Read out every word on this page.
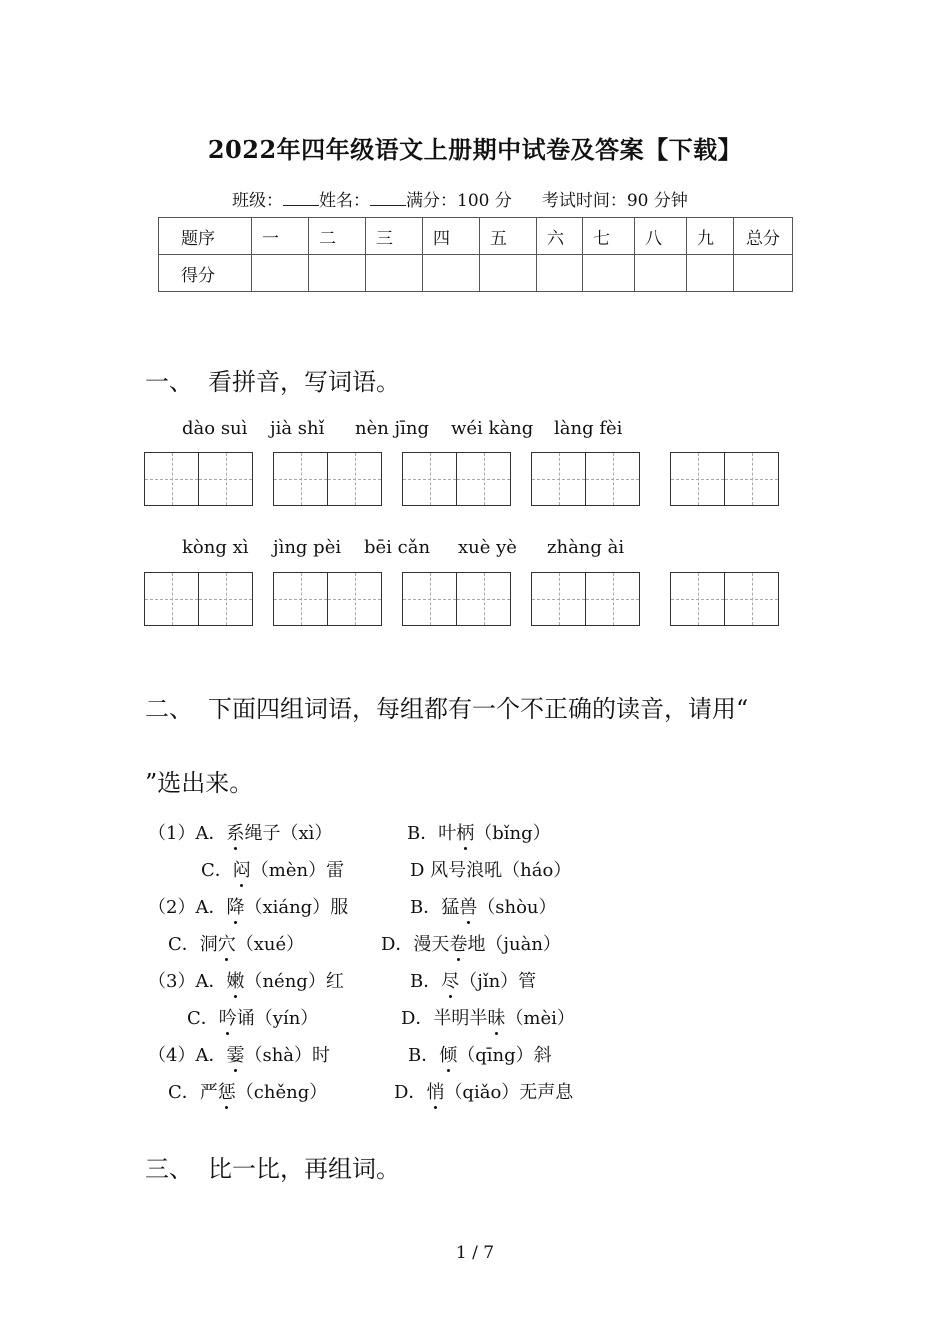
2022年四年级语文上册期中试卷及答案【下载】
班级： 姓名： 满分：100 分 考试时间：90 分钟
题序	一	二	三	四	五	六	七	八	九	总分
得分										
一、 看拼音，写词语。
dào suì jià shǐ nèn jīng wéi kàng làng fèi
kòng xì jìng pèi bēi cǎn xuè yè zhàng ài
二、 下面四组词语，每组都有一个不正确的读音，请用“
”选出来。
（1）A．系绳子（xì）	B．叶柄（bǐng）
C．闷（mèn）雷	D 风号浪吼（háo）
（2）A．降（xiáng）服	B．猛兽（shòu）
C．洞穴（xué）	D．漫天卷地（juàn）
（3）A．嫩（néng）红	B．尽（jǐn）管
C．吟诵（yín）	D．半明半昧（mèi）
（4）A．霎（shà）时	B．倾（qīng）斜
C．严惩（chěng）	D．悄（qiǎo）无声息
三、 比一比，再组词。
1 / 7
